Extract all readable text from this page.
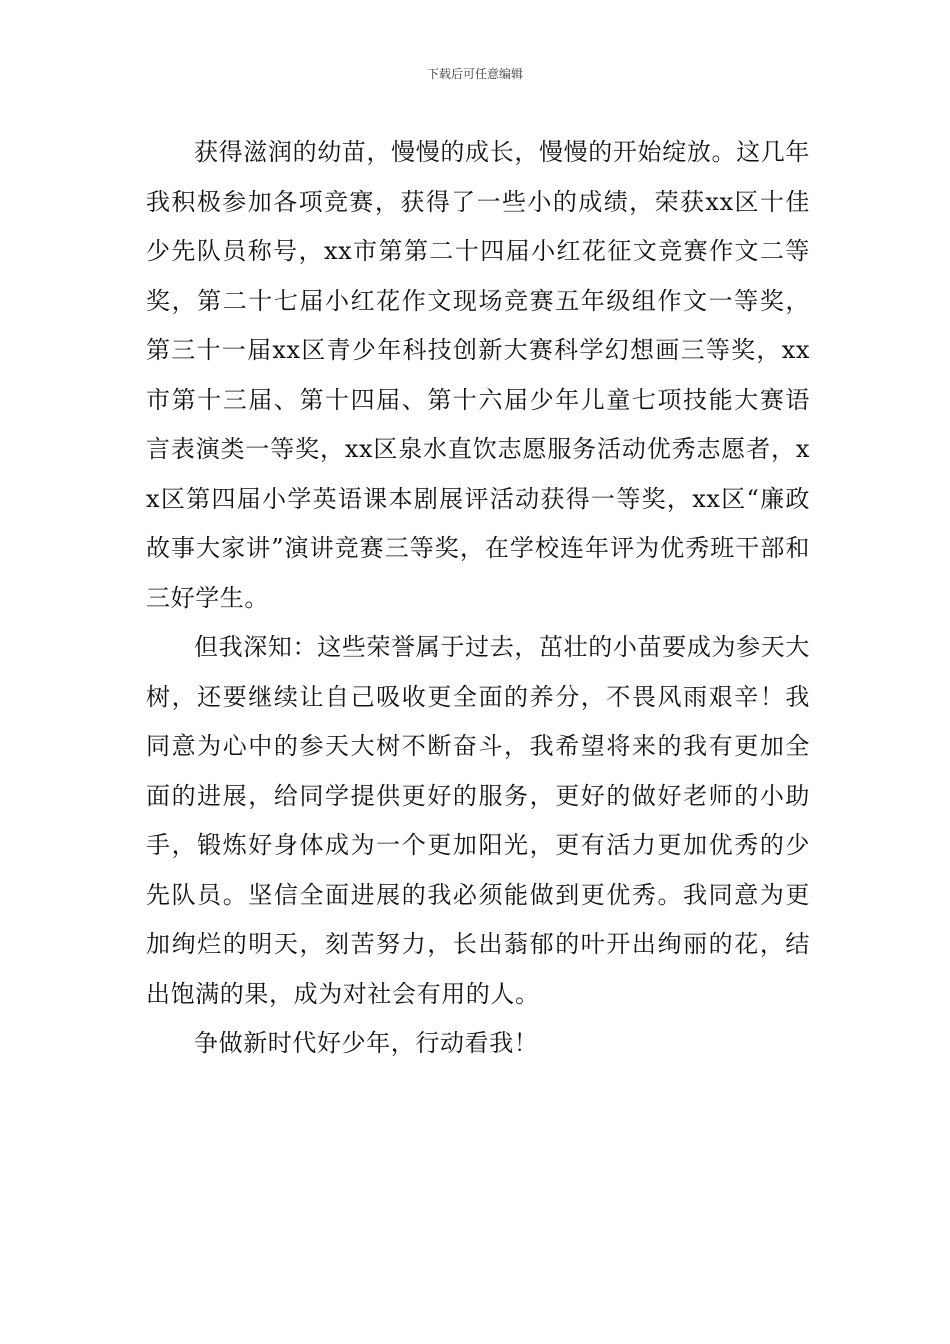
下载后可任意编辑

获得滋润的幼苗，慢慢的成长，慢慢的开始绽放。这几年我积极参加各项竞赛，获得了一些小的成绩，荣获xx区十佳少先队员称号，xx市第第二十四届小红花征文竞赛作文二等奖，第二十七届小红花作文现场竞赛五年级组作文一等奖，第三十一届xx区青少年科技创新大赛科学幻想画三等奖，xx市第十三届、第十四届、第十六届少年儿童七项技能大赛语言表演类一等奖，xx区泉水直饮志愿服务活动优秀志愿者，xx区第四届小学英语课本剧展评活动获得一等奖，xx区“廉政故事大家讲”演讲竞赛三等奖，在学校连年评为优秀班干部和三好学生。

但我深知：这些荣誉属于过去，茁壮的小苗要成为参天大树，还要继续让自己吸收更全面的养分，不畏风雨艰辛！我同意为心中的参天大树不断奋斗，我希望将来的我有更加全面的进展，给同学提供更好的服务，更好的做好老师的小助手，锻炼好身体成为一个更加阳光，更有活力更加优秀的少先队员。坚信全面进展的我必须能做到更优秀。我同意为更加绚烂的明天，刻苦努力，长出蓊郁的叶开出绚丽的花，结出饱满的果，成为对社会有用的人。

争做新时代好少年，行动看我！
